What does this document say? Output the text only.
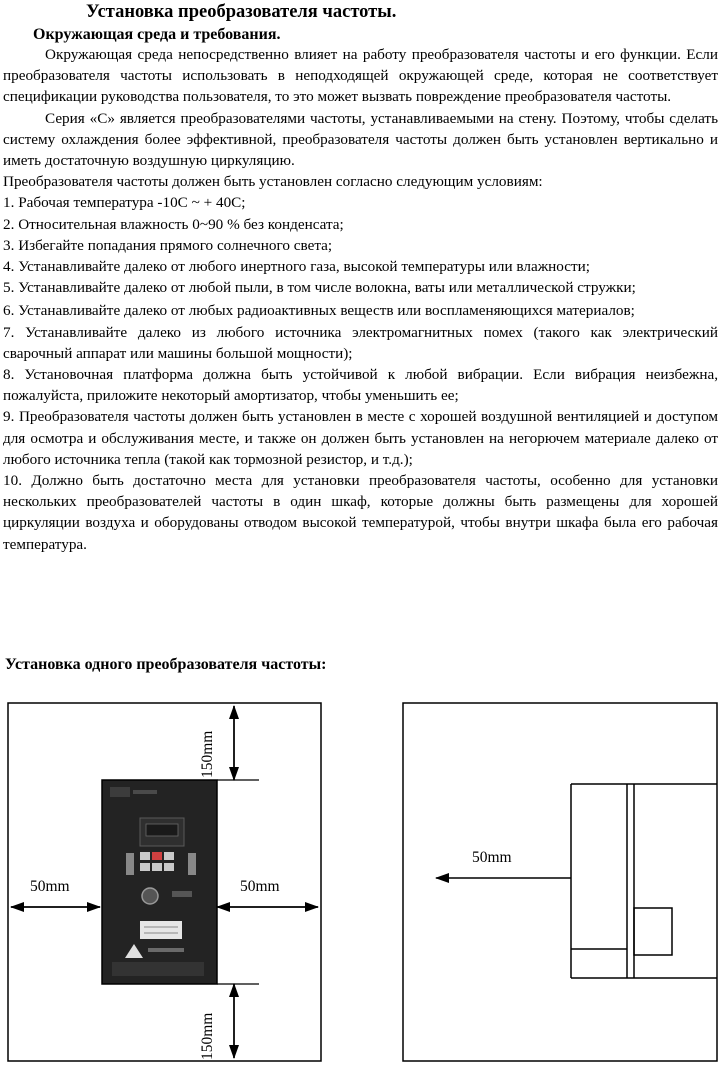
Установка преобразователя частоты.
Окружающая среда и требования.

Окружающая среда непосредственно влияет на работу преобразователя частоты и его функции. Если преобразователя частоты использовать в неподходящей окружающей среде, которая не соответствует спецификации руководства пользователя, то это может вызвать повреждение преобразователя частоты.

Серия «С» является преобразователями частоты, устанавливаемыми на стену. Поэтому, чтобы сделать систему охлаждения более эффективной, преобразователя частоты должен быть установлен вертикально и иметь достаточную воздушную циркуляцию.

Преобразователя частоты должен быть установлен согласно следующим условиям:

1. Рабочая температура -10С ~ + 40С;

2. Относительная влажность 0~90 % без конденсата;

3. Избегайте попадания прямого солнечного света;

4. Устанавливайте далеко от любого инертного газа, высокой температуры или влажности;

5. Устанавливайте далеко от любой пыли, в том числе волокна, ваты или металлической стружки;

6. Устанавливайте далеко от любых радиоактивных веществ или воспламеняющихся материалов;

7. Устанавливайте далеко из любого источника электромагнитных помех (такого как электрический сварочный аппарат или машины большой мощности);

8. Установочная платформа должна быть устойчивой к любой вибрации. Если вибрация неизбежна, пожалуйста, приложите некоторый амортизатор, чтобы уменьшить ее;

9. Преобразователя частоты должен быть установлен в месте с хорошей воздушной вентиляцией и доступом для осмотра и обслуживания месте, и также он должен быть установлен на негорючем материале далеко от любого источника тепла (такой как тормозной резистор, и т.д.);

10. Должно быть достаточно места для установки преобразователя частоты, особенно для установки нескольких преобразователей частоты в один шкаф, которые должны быть размещены для хорошей циркуляции воздуха и оборудованы отводом высокой температурой, чтобы внутри шкафа была его рабочая температура.

Установка одного преобразователя частоты:
150mm
150mm
50mm	50mm
50mm
